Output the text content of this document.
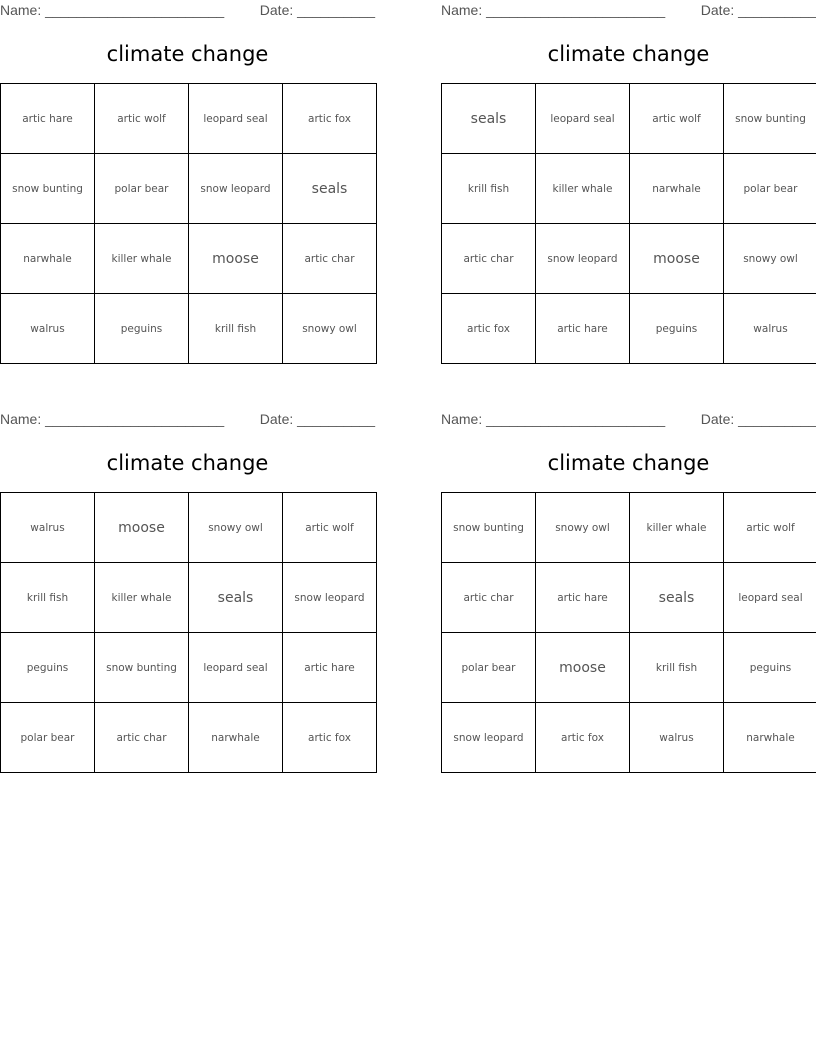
Name: _______________________	Date: __________
climate change
artic hare	artic wolf	leopard seal	artic fox
snow bunting	polar bear	snow leopard	seals
narwhale	killer whale	moose	artic char
walrus	peguins	krill fish	snowy owl
Name: _______________________	Date: __________
climate change
seals	leopard seal	artic wolf	snow bunting
krill fish	killer whale	narwhale	polar bear
artic char	snow leopard	moose	snowy owl
artic fox	artic hare	peguins	walrus
Name: _______________________	Date: __________
climate change
walrus	moose	snowy owl	artic wolf
krill fish	killer whale	seals	snow leopard
peguins	snow bunting	leopard seal	artic hare
polar bear	artic char	narwhale	artic fox
Name: _______________________	Date: __________
climate change
snow bunting	snowy owl	killer whale	artic wolf
artic char	artic hare	seals	leopard seal
polar bear	moose	krill fish	peguins
snow leopard	artic fox	walrus	narwhale
